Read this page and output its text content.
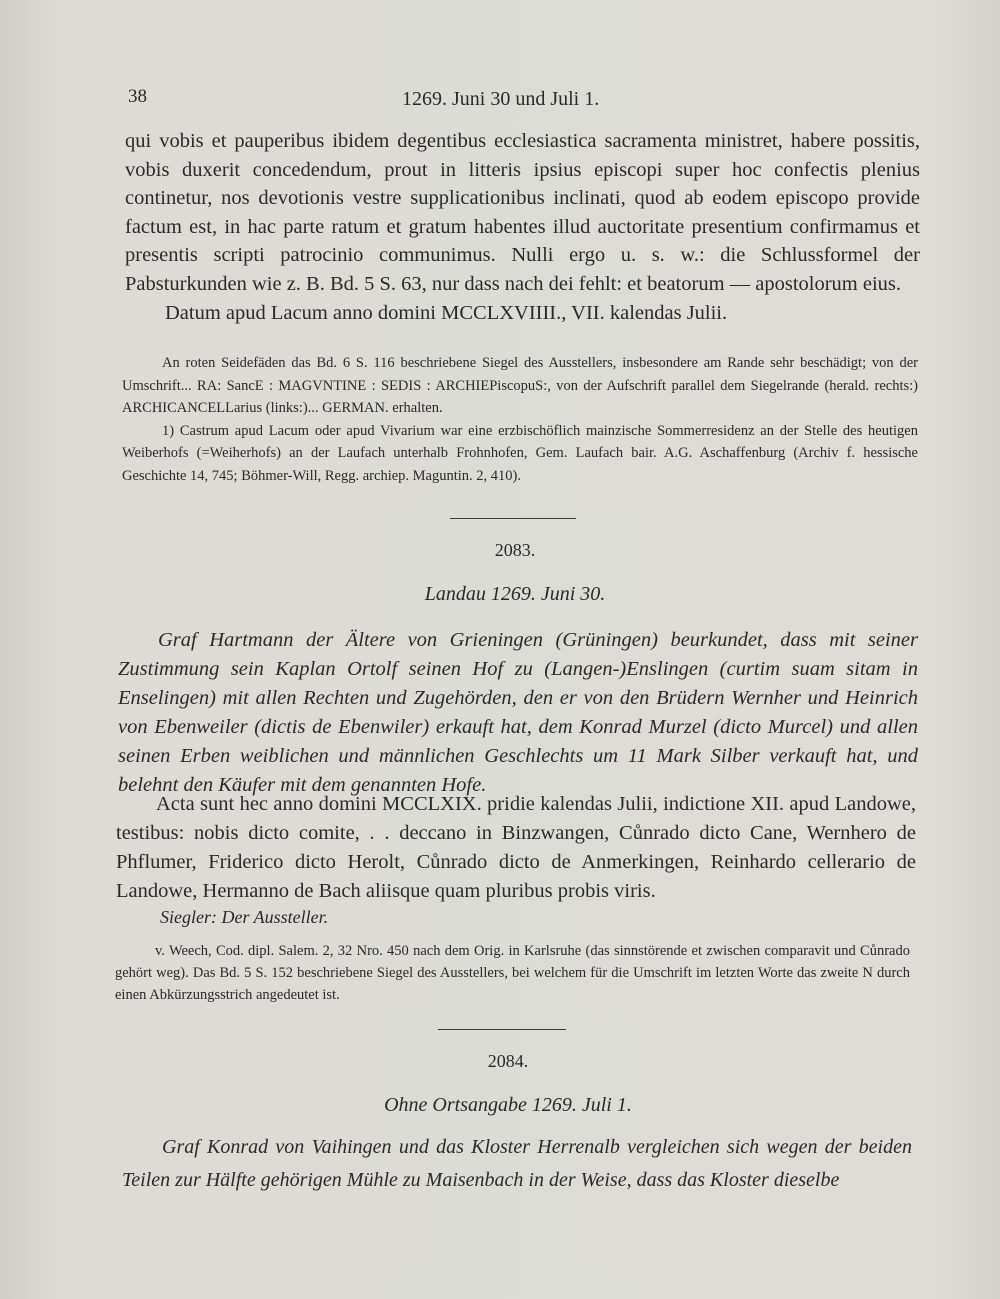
38	1269. Juni 30 und Juli 1.

qui vobis et pauperibus ibidem degentibus ecclesiastica sacramenta ministret, habere possitis, vobis duxerit concedendum, prout in litteris ipsius episcopi super hoc confectis plenius continetur, nos devotionis vestre supplicationibus inclinati, quod ab eodem episcopo provide factum est, in hac parte ratum et gratum habentes illud auctoritate presentium confirmamus et presentis scripti patrocinio communimus. Nulli ergo u. s. w.: die Schlussformel der Pabsturkunden wie z. B. Bd. 5 S. 63, nur dass nach dei fehlt: et beatorum — apostolorum eius.

Datum apud Lacum anno domini MCCLXVIIII., VII. kalendas Julii.

An roten Seidefäden das Bd. 6 S. 116 beschriebene Siegel des Ausstellers, insbesondere am Rande sehr beschädigt; von der Umschrift... RA: SancE : MAGVNTINE : SEDIS : ARCHIEPiscopuS:, von der Aufschrift parallel dem Siegelrande (herald. rechts:) ARCHICANCELLarius (links:)... GERMAN. erhalten.

1) Castrum apud Lacum oder apud Vivarium war eine erzbischöflich mainzische Sommerresidenz an der Stelle des heutigen Weiberhofs (=Weiherhofs) an der Laufach unterhalb Frohnhofen, Gem. Laufach bair. A.G. Aschaffenburg (Archiv f. hessische Geschichte 14, 745; Böhmer-Will, Regg. archiep. Maguntin. 2, 410).

2083.
Landau 1269. Juni 30.

Graf Hartmann der Ältere von Grieningen (Grüningen) beurkundet, dass mit seiner Zustimmung sein Kaplan Ortolf seinen Hof zu (Langen-)Enslingen (curtim suam sitam in Enselingen) mit allen Rechten und Zugehörden, den er von den Brüdern Wernher und Heinrich von Ebenweiler (dictis de Ebenwiler) erkauft hat, dem Konrad Murzel (dicto Murcel) und allen seinen Erben weiblichen und männlichen Geschlechts um 11 Mark Silber verkauft hat, und belehnt den Käufer mit dem genannten Hofe.

Acta sunt hec anno domini MCCLXIX. pridie kalendas Julii, indictione XII. apud Landowe, testibus: nobis dicto comite, . . deccano in Binzwangen, Cůnrado dicto Cane, Wernhero de Phflumer, Friderico dicto Herolt, Cůnrado dicto de Anmerkingen, Reinhardo cellerario de Landowe, Hermanno de Bach aliisque quam pluribus probis viris.

Siegler: Der Aussteller.

v. Weech, Cod. dipl. Salem. 2, 32 Nro. 450 nach dem Orig. in Karlsruhe (das sinnstörende et zwischen comparavit und Cůnrado gehört weg). Das Bd. 5 S. 152 beschriebene Siegel des Ausstellers, bei welchem für die Umschrift im letzten Worte das zweite N durch einen Abkürzungsstrich angedeutet ist.

2084.
Ohne Ortsangabe 1269. Juli 1.

Graf Konrad von Vaihingen und das Kloster Herrenalb vergleichen sich wegen der beiden Teilen zur Hälfte gehörigen Mühle zu Maisenbach in der Weise, dass das Kloster dieselbe
